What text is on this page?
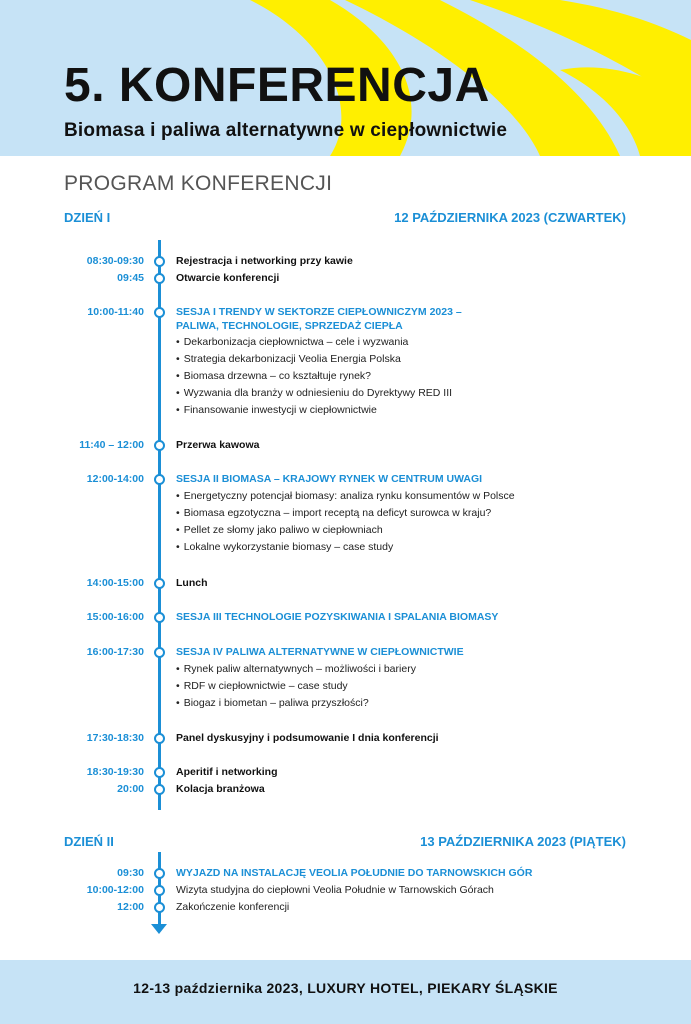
5. KONFERENCJA
Biomasa i paliwa alternatywne w ciepłownictwie
PROGRAM KONFERENCJI
DZIEŃ I	12 PAŹDZIERNIKA 2023 (CZWARTEK)
08:30-09:30	Rejestracja i networking przy kawie
09:45	Otwarcie konferencji
10:00-11:40	SESJA I TRENDY W SEKTORZE CIEPŁOWNICZYM 2023 –
PALIWA, TECHNOLOGIE, SPRZEDAŻ CIEPŁA
• Dekarbonizacja ciepłownictwa – cele i wyzwania
• Strategia dekarbonizacji Veolia Energia Polska
• Biomasa drzewna – co kształtuje rynek?
• Wyzwania dla branży w odniesieniu do Dyrektywy RED III
• Finansowanie inwestycji w ciepłownictwie
11:40 – 12:00	Przerwa kawowa
12:00-14:00	SESJA II BIOMASA – KRAJOWY RYNEK W CENTRUM UWAGI
• Energetyczny potencjał biomasy: analiza rynku konsumentów w Polsce
• Biomasa egzotyczna – import receptą na deficyt surowca w kraju?
• Pellet ze słomy jako paliwo w ciepłowniach
• Lokalne wykorzystanie biomasy – case study
14:00-15:00	Lunch
15:00-16:00	SESJA III TECHNOLOGIE POZYSKIWANIA I SPALANIA BIOMASY
16:00-17:30	SESJA IV PALIWA ALTERNATYWNE W CIEPŁOWNICTWIE
• Rynek paliw alternatywnych – możliwości i bariery
• RDF w ciepłownictwie – case study
• Biogaz i biometan – paliwa przyszłości?
17:30-18:30	Panel dyskusyjny i podsumowanie I dnia konferencji
18:30-19:30	Aperitif i networking
20:00	Kolacja branżowa
DZIEŃ II	13 PAŹDZIERNIKA 2023 (PIĄTEK)
09:30	WYJAZD NA INSTALACJĘ VEOLIA POŁUDNIE DO TARNOWSKICH GÓR
10:00-12:00	Wizyta studyjna do ciepłowni Veolia Południe w Tarnowskich Górach
12:00	Zakończenie konferencji
12-13 października 2023, LUXURY HOTEL, PIEKARY ŚLĄSKIE
